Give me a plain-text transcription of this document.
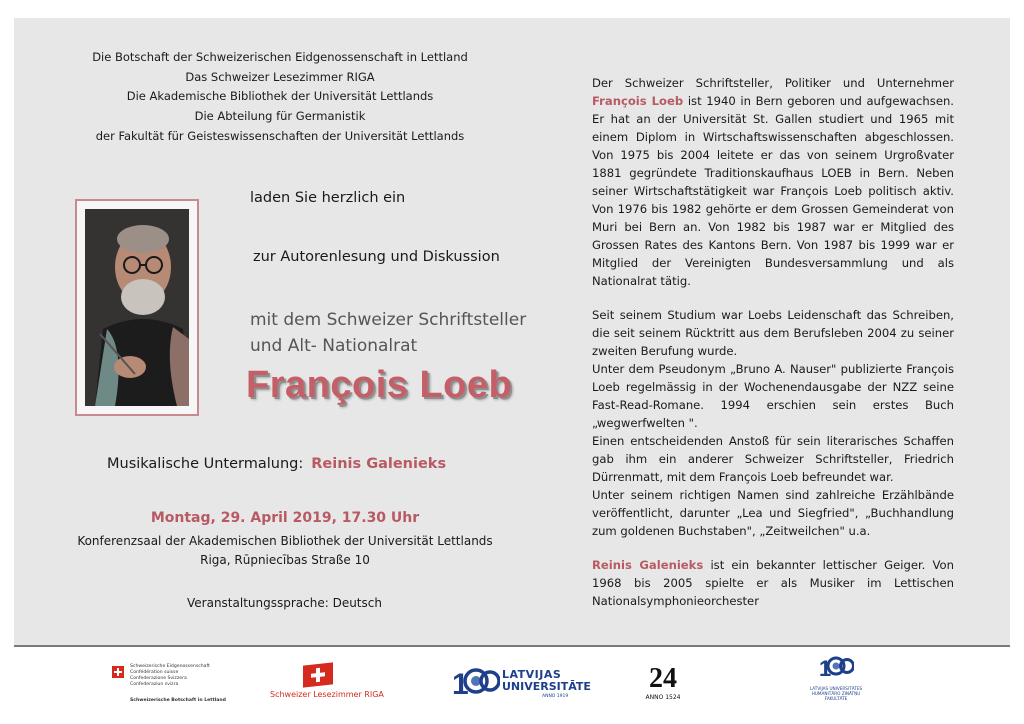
Die Botschaft der Schweizerischen Eidgenossenschaft in Lettland
Das Schweizer Lesezimmer RIGA
Die Akademische Bibliothek der Universität Lettlands
Die Abteilung für Germanistik
der Fakultät für Geisteswissenschaften der Universität Lettlands
laden Sie herzlich ein
zur Autorenlesung und Diskussion
mit dem Schweizer Schriftsteller
und Alt- Nationalrat
François Loeb
Musikalische Untermalung: Reinis Galenieks
Montag, 29. April 2019, 17.30 Uhr
Konferenzsaal der Akademischen Bibliothek der Universität Lettlands
Riga, Rūpniecības Straße 10
Veranstaltungssprache: Deutsch

Der Schweizer Schriftsteller, Politiker und Unternehmer François Loeb ist 1940 in Bern geboren und aufgewachsen. Er hat an der Universität St. Gallen studiert und 1965 mit einem Diplom in Wirtschaftswissenschaften abgeschlossen. Von 1975 bis 2004 leitete er das von seinem Urgroßvater 1881 gegründete Traditionskaufhaus LOEB in Bern. Neben seiner Wirtschaftstätigkeit war François Loeb politisch aktiv. Von 1976 bis 1982 gehörte er dem Grossen Gemeinderat von Muri bei Bern an. Von 1982 bis 1987 war er Mitglied des Grossen Rates des Kantons Bern. Von 1987 bis 1999 war er Mitglied der Vereinigten Bundesversammlung und als Nationalrat tätig.

Seit seinem Studium war Loebs Leidenschaft das Schreiben, die seit seinem Rücktritt aus dem Berufsleben 2004 zu seiner zweiten Berufung wurde.

Unter dem Pseudonym „Bruno A. Nauser" publizierte François Loeb regelmässig in der Wochenendausgabe der NZZ seine Fast-Read-Romane. 1994 erschien sein erstes Buch „wegwerfwelten ".

Einen entscheidenden Anstoß für sein literarisches Schaffen gab ihm ein anderer Schweizer Schriftsteller, Friedrich Dürrenmatt, mit dem François Loeb befreundet war.

Unter seinem richtigen Namen sind zahlreiche Erzählbände veröffentlicht, darunter „Lea und Siegfried", „Buchhandlung zum goldenen Buchstaben", „Zeitweilchen" u.a.

Reinis Galenieks ist ein bekannter lettischer Geiger. Von 1968 bis 2005 spielte er als Musiker im Lettischen Nationalsymphonieorchester

Schweizerische Eidgenossenschaft
Confédération suisse
Confederazione Svizzera
Confederaziun svizra
Schweizerische Botschaft in Lettland
Schweizer Lesezimmer RIGA 1	LATVIJAS
UNIVERSITĀTE
ANNO 1919
24
ANNO 1524
1
LATVIJAS UNIVERSITĀTES HUMANITĀRO ZINĀTŅU FAKULTĀTE
